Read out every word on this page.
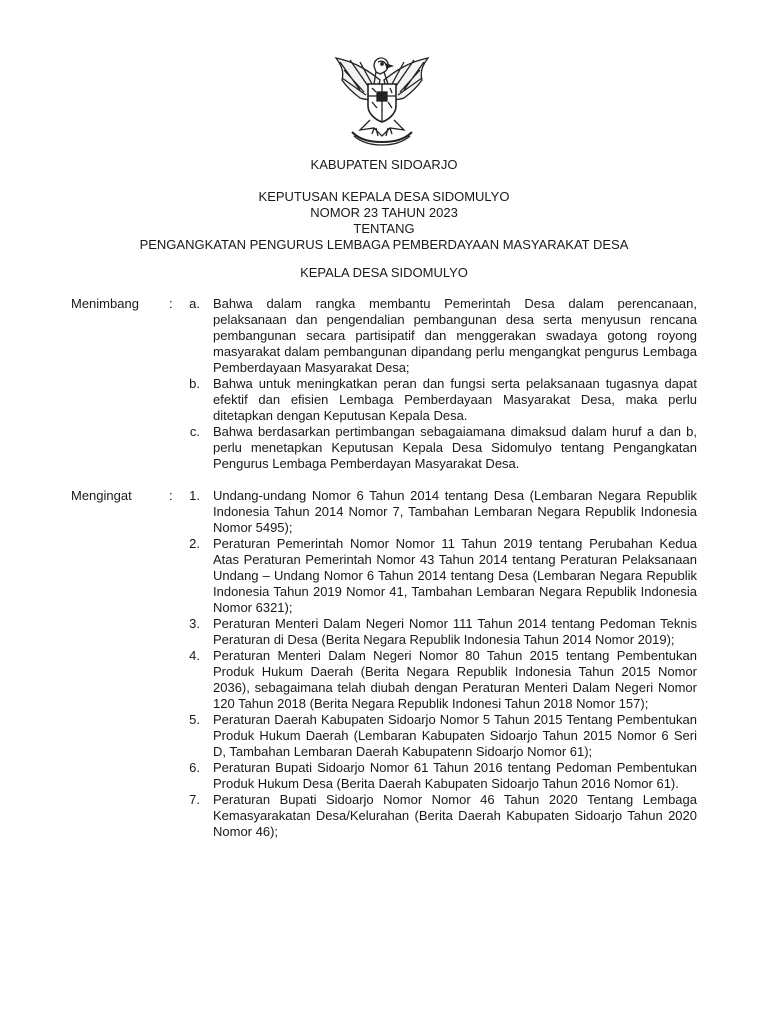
KABUPATEN SIDOARJO
KEPUTUSAN KEPALA DESA SIDOMULYO
NOMOR 23 TAHUN 2023
TENTANG
PENGANGKATAN PENGURUS LEMBAGA PEMBERDAYAAN MASYARAKAT DESA
KEPALA DESA SIDOMULYO
Menimbang :	a. Bahwa dalam rangka membantu Pemerintah Desa dalam perencanaan, pelaksanaan dan pengendalian pembangunan desa serta menyusun rencana pembangunan secara partisipatif dan menggerakan swadaya gotong royong masyarakat dalam pembangunan dipandang perlu mengangkat pengurus Lembaga Pemberdayaan Masyarakat Desa;
b. Bahwa untuk meningkatkan peran dan fungsi serta pelaksanaan tugasnya dapat efektif dan efisien Lembaga Pemberdayaan Masyarakat Desa, maka perlu ditetapkan dengan Keputusan Kepala Desa.
c. Bahwa berdasarkan pertimbangan sebagaiamana dimaksud dalam huruf a dan b, perlu menetapkan Keputusan Kepala Desa Sidomulyo tentang Pengangkatan Pengurus Lembaga Pemberdayan Masyarakat Desa.
Mengingat	:	1. Undang-undang Nomor 6 Tahun 2014 tentang Desa (Lembaran Negara Republik Indonesia Tahun 2014 Nomor 7, Tambahan Lembaran Negara Republik Indonesia Nomor 5495);
2. Peraturan Pemerintah Nomor Nomor 11 Tahun 2019 tentang Perubahan Kedua Atas Peraturan Pemerintah Nomor 43 Tahun 2014 tentang Peraturan Pelaksanaan Undang – Undang Nomor 6 Tahun 2014 tentang Desa (Lembaran Negara Republik Indonesia Tahun 2019 Nomor 41, Tambahan Lembaran Negara Republik Indonesia Nomor 6321);
3. Peraturan Menteri Dalam Negeri Nomor 111 Tahun 2014 tentang Pedoman Teknis Peraturan di Desa (Berita Negara Republik Indonesia Tahun 2014 Nomor 2019);
4. Peraturan Menteri Dalam Negeri Nomor 80 Tahun 2015 tentang Pembentukan Produk Hukum Daerah (Berita Negara Republik Indonesia Tahun 2015 Nomor 2036), sebagaimana telah diubah dengan Peraturan Menteri Dalam Negeri Nomor 120 Tahun 2018 (Berita Negara Republik Indonesi Tahun 2018 Nomor 157);
5. Peraturan Daerah Kabupaten Sidoarjo Nomor 5 Tahun 2015 Tentang Pembentukan Produk Hukum Daerah (Lembaran Kabupaten Sidoarjo Tahun 2015 Nomor 6 Seri D, Tambahan Lembaran Daerah Kabupatenn Sidoarjo Nomor 61);
6. Peraturan Bupati Sidoarjo Nomor 61 Tahun 2016 tentang Pedoman Pembentukan Produk Hukum Desa (Berita Daerah Kabupaten Sidoarjo Tahun 2016 Nomor 61).
7. Peraturan Bupati Sidoarjo Nomor Nomor 46 Tahun 2020 Tentang Lembaga Kemasyarakatan Desa/Kelurahan (Berita Daerah Kabupaten Sidoarjo Tahun 2020 Nomor 46);
